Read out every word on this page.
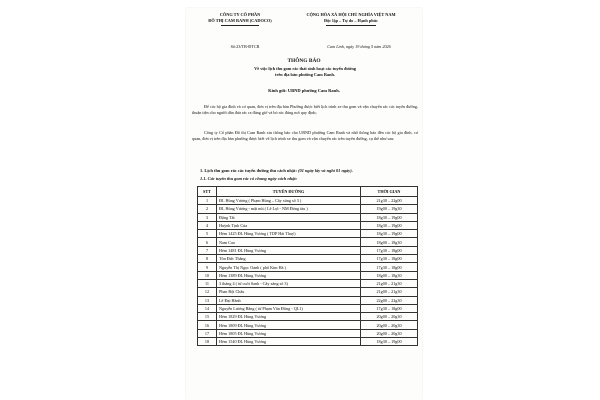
CÔNG TY CỔ PHẦN
ĐÔ THỊ CAM RANH (CADOCO)
CỘNG HÒA XÃ HỘI CHỦ NGHĨA VIỆT NAM
Độc lập – Tự do – Hạnh phúc
Số:23/TB-ĐTCR	Cam Linh, ngày 19 tháng 5 năm 2026
THÔNG BÁO
Về việc lịch thu gom rác thải sinh hoạt các tuyến đường
trên địa bàn phường Cam Ranh.
Kính gửi: UBND phường Cam Ranh.
Để các hộ gia đình và cơ quan, đơn vị trên địa bàn Phường được biết lịch trình xe thu gom và vận chuyển rác các tuyến đường, thuận tiện cho người dân đưa rác ra đúng giờ và bỏ rác đúng nơi quy định;
Công ty Cổ phần Đô thị Cam Ranh xin thông báo cho UBND phường Cam Ranh và nhờ thông báo đến các hộ gia đình, cơ quan, đơn vị trên địa bàn phường được biết về lịch trình xe thu gom và vận chuyển rác trên tuyến đường, cụ thể như sau:
1. Lịch thu gom rác các tuyến đường thu cách nhật: (01 ngày lấy và nghỉ 01 ngày).
1.1. Các tuyến thu gom rác có chung ngày cách nhật:
STT	TUYẾN ĐƯỜNG	THỜI GIAN
1	ĐL Hùng Vương ( Phạm Hùng – Cây xăng số 3 )	21g30 – 22g00
2	ĐL Hùng Vương - mặt núi ( Lê Lợi - NM Đóng tàu )	19g00 – 19g30
3	Đặng Tất	18g30 – 19g00
4	Huỳnh Tịnh Của	18g30 – 19g00
5	Hẻm 1425 ĐL Hùng Vương ( TDP Hải Thuý)	18g30 – 19g00
6	Nam Cao	18g00 – 18g30
7	Hẻm 1481 ĐL Hùng Vương	17g30 – 18g00
8	Tôn Đức Thắng	17g30 – 18g00
9	Nguyễn Thị Ngọc Oanh ( phố Kim Hà )	17g30 – 18g00
10	Hẻm 1389 ĐL Hùng Vương	18g00 – 18g30
11	3 tháng 4 ( từ cuối Sanh - Cây xăng số 3)	21g00 – 21g30
12	Phan Bội Châu	21g00 – 21g30
13	Lê Đại Hành	22g00 – 22g30
14	Nguyễn Lương Bằng ( từ Phạm Văn Đồng - QL1)	17g30 – 18g00
15	Hẻm 1829 ĐL Hùng Vương	20g00 – 20g30
16	Hẻm 1809 ĐL Hùng Vương	20g00 – 20g30
17	Hẻm 1805 ĐL Hùng Vương	20g00 – 20g30
18	Hẻm 1540 ĐL Hùng Vương	18g30 – 19g00
